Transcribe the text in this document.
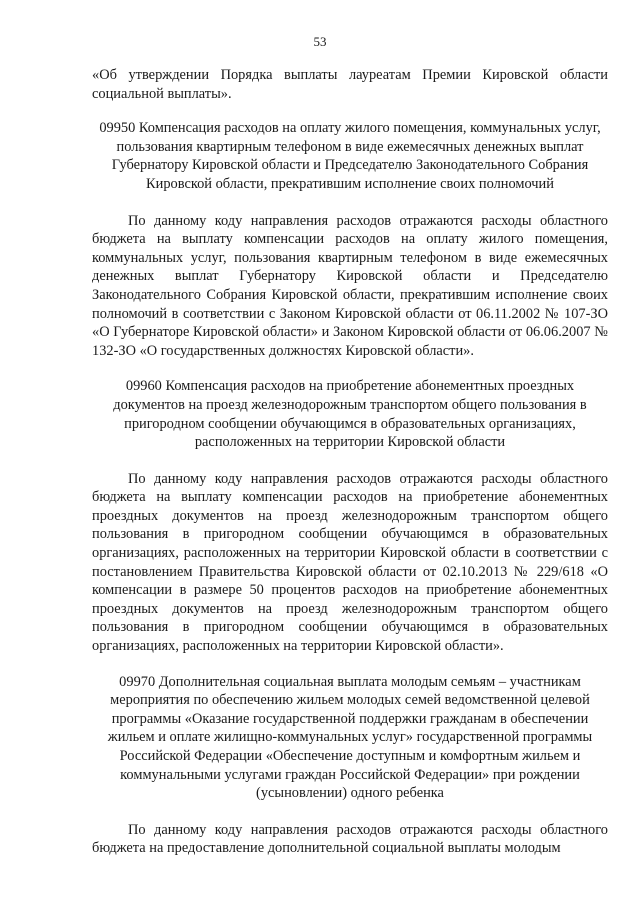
53

«Об утверждении Порядка выплаты лауреатам Премии Кировской области социальной выплаты».

09950 Компенсация расходов на оплату жилого помещения, коммунальных услуг, пользования квартирным телефоном в виде ежемесячных денежных выплат Губернатору Кировской области и Председателю Законодательного Собрания Кировской области, прекратившим исполнение своих полномочий

По данному коду направления расходов отражаются расходы областного бюджета на выплату компенсации расходов на оплату жилого помещения, коммунальных услуг, пользования квартирным телефоном в виде ежемесячных денежных выплат Губернатору Кировской области и Председателю Законодательного Собрания Кировской области, прекратившим исполнение своих полномочий в соответствии с Законом Кировской области от 06.11.2002 № 107-ЗО «О Губернаторе Кировской области» и Законом Кировской области от 06.06.2007 № 132-ЗО «О государственных должностях Кировской области».

09960 Компенсация расходов на приобретение абонементных проездных документов на проезд железнодорожным транспортом общего пользования в пригородном сообщении обучающимся в образовательных организациях, расположенных на территории Кировской области

По данному коду направления расходов отражаются расходы областного бюджета на выплату компенсации расходов на приобретение абонементных проездных документов на проезд железнодорожным транспортом общего пользования в пригородном сообщении обучающимся в образовательных организациях, расположенных на территории Кировской области в соответствии с постановлением Правительства Кировской области от 02.10.2013 № 229/618 «О компенсации в размере 50 процентов расходов на приобретение абонементных проездных документов на проезд железнодорожным транспортом общего пользования в пригородном сообщении обучающимся в образовательных организациях, расположенных на территории Кировской области».

09970 Дополнительная социальная выплата молодым семьям – участникам мероприятия по обеспечению жильем молодых семей ведомственной целевой программы «Оказание государственной поддержки гражданам в обеспечении жильем и оплате жилищно-коммунальных услуг» государственной программы Российской Федерации «Обеспечение доступным и комфортным жильем и коммунальными услугами граждан Российской Федерации» при рождении (усыновлении) одного ребенка

По данному коду направления расходов отражаются расходы областного бюджета на предоставление дополнительной социальной выплаты молодым
